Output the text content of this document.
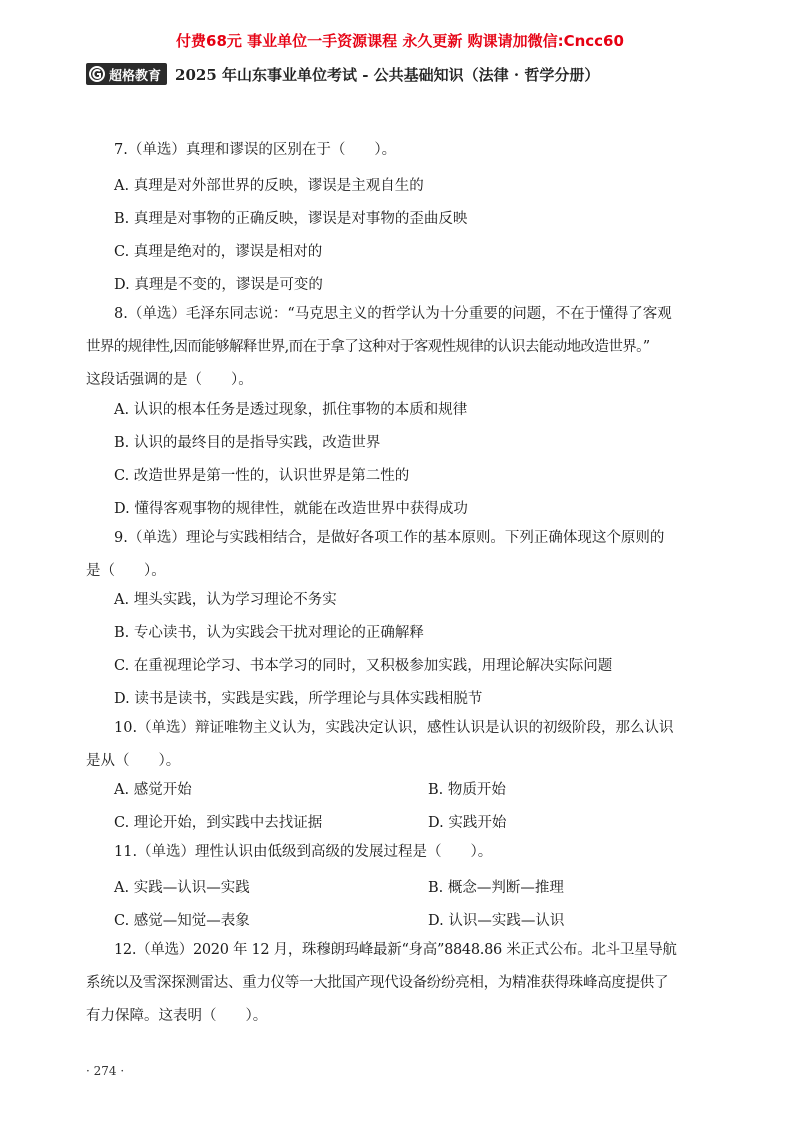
付费68元 事业单位一手资源课程 永久更新 购课请加微信:Cncc60
超格教育 2025 年山东事业单位考试 - 公共基础知识（法律 · 哲学分册）
7.（单选）真理和谬误的区别在于（　　）。
A. 真理是对外部世界的反映，谬误是主观自生的
B. 真理是对事物的正确反映，谬误是对事物的歪曲反映
C. 真理是绝对的，谬误是相对的
D. 真理是不变的，谬误是可变的
8.（单选）毛泽东同志说：“马克思主义的哲学认为十分重要的问题，不在于懂得了客观
世界的规律性,因而能够解释世界,而在于拿了这种对于客观性规律的认识去能动地改造世界。”
这段话强调的是（　　）。
A. 认识的根本任务是透过现象，抓住事物的本质和规律
B. 认识的最终目的是指导实践，改造世界
C. 改造世界是第一性的，认识世界是第二性的
D. 懂得客观事物的规律性，就能在改造世界中获得成功
9.（单选）理论与实践相结合，是做好各项工作的基本原则。下列正确体现这个原则的
是（　　）。
A. 埋头实践，认为学习理论不务实
B. 专心读书，认为实践会干扰对理论的正确解释
C. 在重视理论学习、书本学习的同时，又积极参加实践，用理论解决实际问题
D. 读书是读书，实践是实践，所学理论与具体实践相脱节
10.（单选）辩证唯物主义认为，实践决定认识，感性认识是认识的初级阶段，那么认识
是从（　　）。
A. 感觉开始	B. 物质开始
C. 理论开始，到实践中去找证据	D. 实践开始
11.（单选）理性认识由低级到高级的发展过程是（　　）。
A. 实践—认识—实践	B. 概念—判断—推理
C. 感觉—知觉—表象	D. 认识—实践—认识
12.（单选）2020 年 12 月，珠穆朗玛峰最新“身高”8848.86 米正式公布。北斗卫星导航
系统以及雪深探测雷达、重力仪等一大批国产现代设备纷纷亮相，为精准获得珠峰高度提供了
有力保障。这表明（　　）。
· 274 ·
